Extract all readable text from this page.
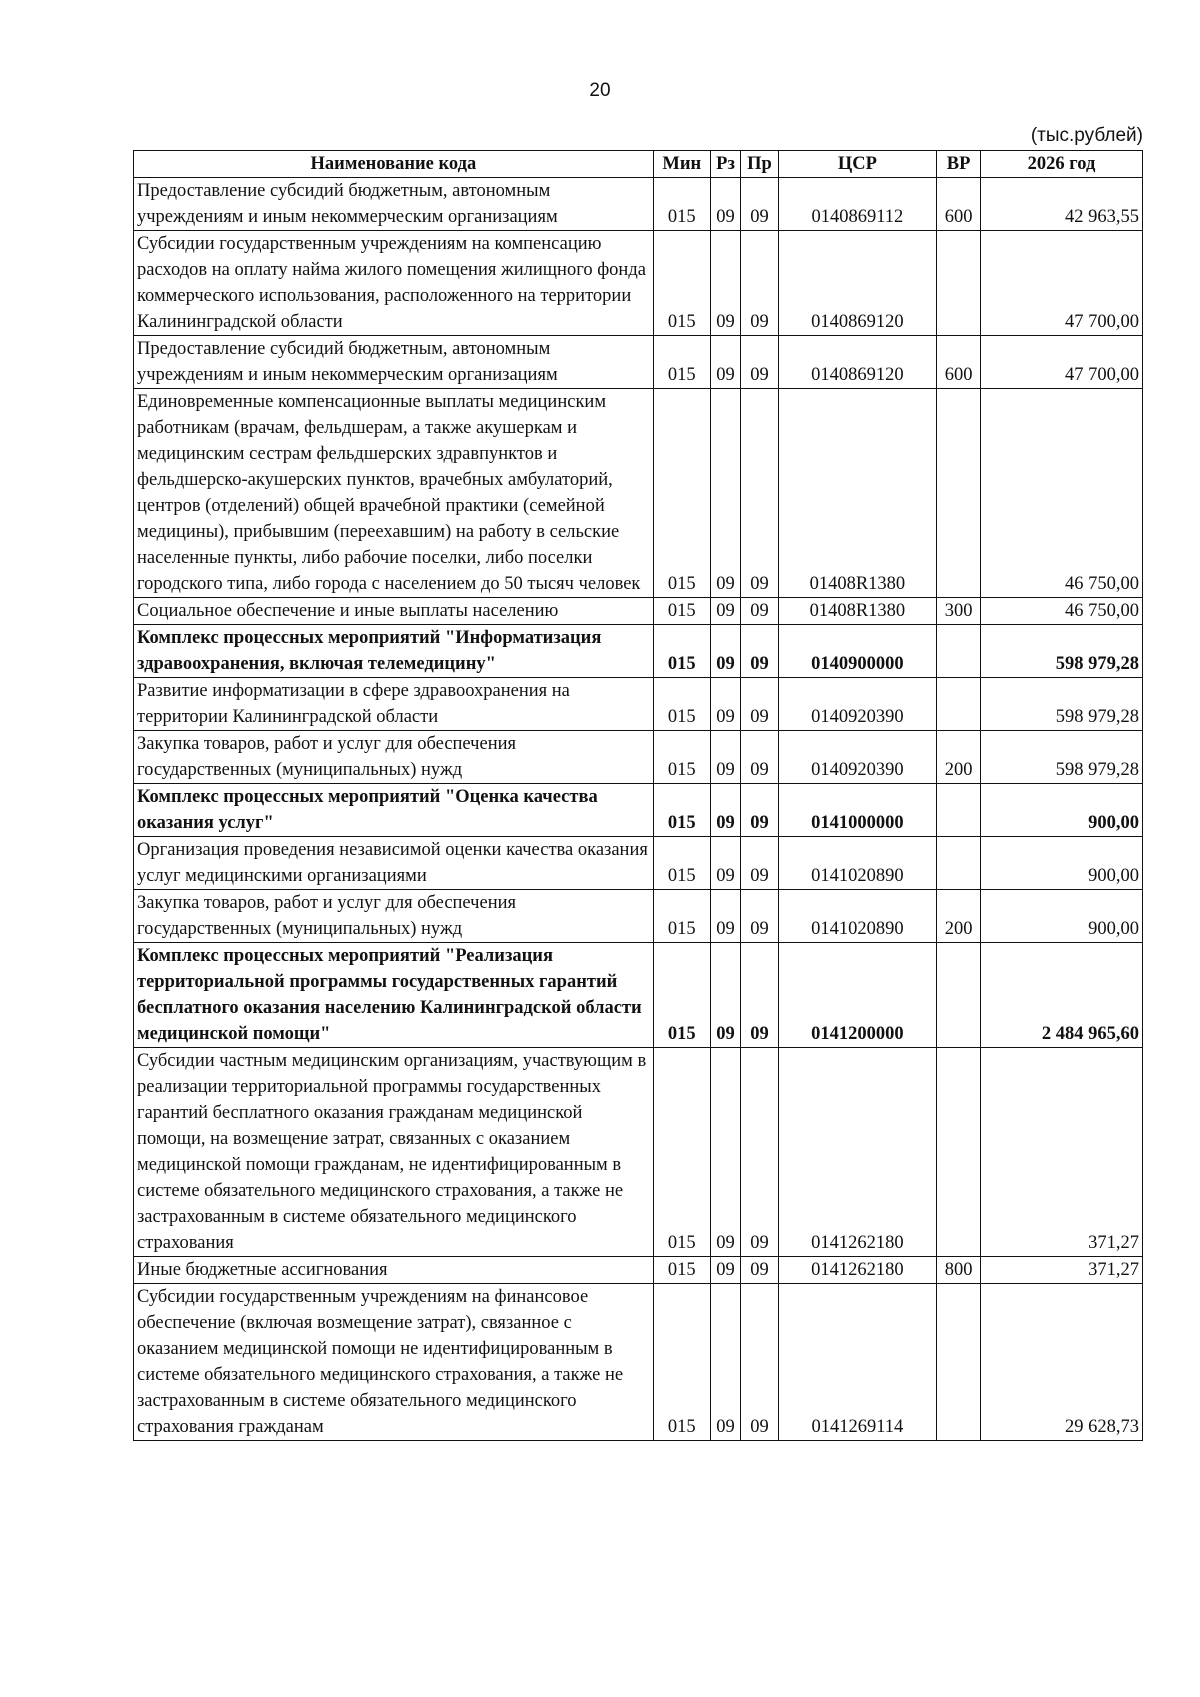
20
(тыс.рублей)
Наименование кода	Мин	Рз	Пр	ЦСР	ВР	2026 год
Предоставление субсидий бюджетным, автономным учреждениям и иным некоммерческим организациям	015	09	09	0140869112	600	42 963,55
Субсидии государственным учреждениям на компенсацию расходов на оплату найма жилого помещения жилищного фонда коммерческого использования, расположенного на территории Калининградской области	015	09	09	0140869120		47 700,00
Предоставление субсидий бюджетным, автономным учреждениям и иным некоммерческим организациям	015	09	09	0140869120	600	47 700,00
Единовременные компенсационные выплаты медицинским работникам (врачам, фельдшерам, а также акушеркам и медицинским сестрам фельдшерских здравпунктов и фельдшерско-акушерских пунктов, врачебных амбулаторий, центров (отделений) общей врачебной практики (семейной медицины), прибывшим (переехавшим) на работу в сельские населенные пункты, либо рабочие поселки, либо поселки городского типа, либо города с населением до 50 тысяч человек	015	09	09	01408R1380		46 750,00
Социальное обеспечение и иные выплаты населению	015	09	09	01408R1380	300	46 750,00
Комплекс процессных мероприятий "Информатизация здравоохранения, включая телемедицину"	015	09	09	0140900000		598 979,28
Развитие информатизации в сфере здравоохранения на территории Калининградской области	015	09	09	0140920390		598 979,28
Закупка товаров, работ и услуг для обеспечения государственных (муниципальных) нужд	015	09	09	0140920390	200	598 979,28
Комплекс процессных мероприятий "Оценка качества оказания услуг"	015	09	09	0141000000		900,00
Организация проведения независимой оценки качества оказания услуг медицинскими организациями	015	09	09	0141020890		900,00
Закупка товаров, работ и услуг для обеспечения государственных (муниципальных) нужд	015	09	09	0141020890	200	900,00
Комплекс процессных мероприятий "Реализация территориальной программы государственных гарантий бесплатного оказания населению Калининградской области медицинской помощи"	015	09	09	0141200000		2 484 965,60
Субсидии частным медицинским организациям, участвующим в реализации территориальной программы государственных гарантий бесплатного оказания гражданам медицинской помощи, на возмещение затрат, связанных с оказанием медицинской помощи гражданам, не идентифицированным в системе обязательного медицинского страхования, а также не застрахованным в системе обязательного медицинского страхования	015	09	09	0141262180		371,27
Иные бюджетные ассигнования	015	09	09	0141262180	800	371,27
Субсидии государственным учреждениям на финансовое обеспечение (включая возмещение затрат), связанное с оказанием медицинской помощи не идентифицированным в системе обязательного медицинского страхования, а также не застрахованным в системе обязательного медицинского страхования гражданам	015	09	09	0141269114		29 628,73
